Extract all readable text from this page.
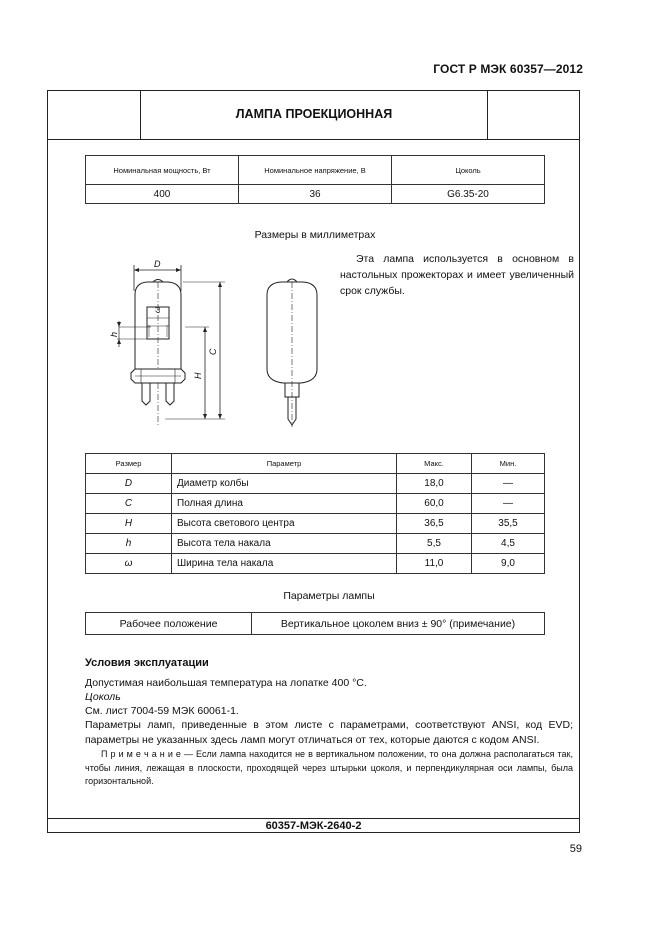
ГОСТ Р МЭК 60357—2012
ЛАМПА ПРОЕКЦИОННАЯ
Номинальная мощность, Вт	Номинальное напряжение, В	Цоколь
400	36	G6.35-20
Размеры в миллиметрах
D
ω
h
C
H
Эта лампа используется в основном в настольных прожекторах и имеет увеличенный срок службы.
Размер	Параметр	Макс.	Мин.
D	Диаметр колбы	18,0	—
C	Полная длина	60,0	—
H	Высота светового центра	36,5	35,5
h	Высота тела накала	5,5	4,5
ω	Ширина тела накала	11,0	9,0
Параметры лампы
Рабочее положение	Вертикальное цоколем вниз ± 90° (примечание)
Условия эксплуатации
Допустимая наибольшая температура на лопатке 400 °С.
Цоколь
См. лист 7004-59 МЭК 60061-1.
Параметры ламп, приведенные в этом листе с параметрами, соответствуют ANSI, код EVD; параметры не указанных здесь ламп могут отличаться от тех, которые даются с кодом ANSI.
П р и м е ч а н и е — Если лампа находится не в вертикальном положении, то она должна располагаться так, чтобы линия, лежащая в плоскости, проходящей через штырьки цоколя, и перпендикулярная оси лампы, была горизонтальной.
60357-МЭК-2640-2
59
